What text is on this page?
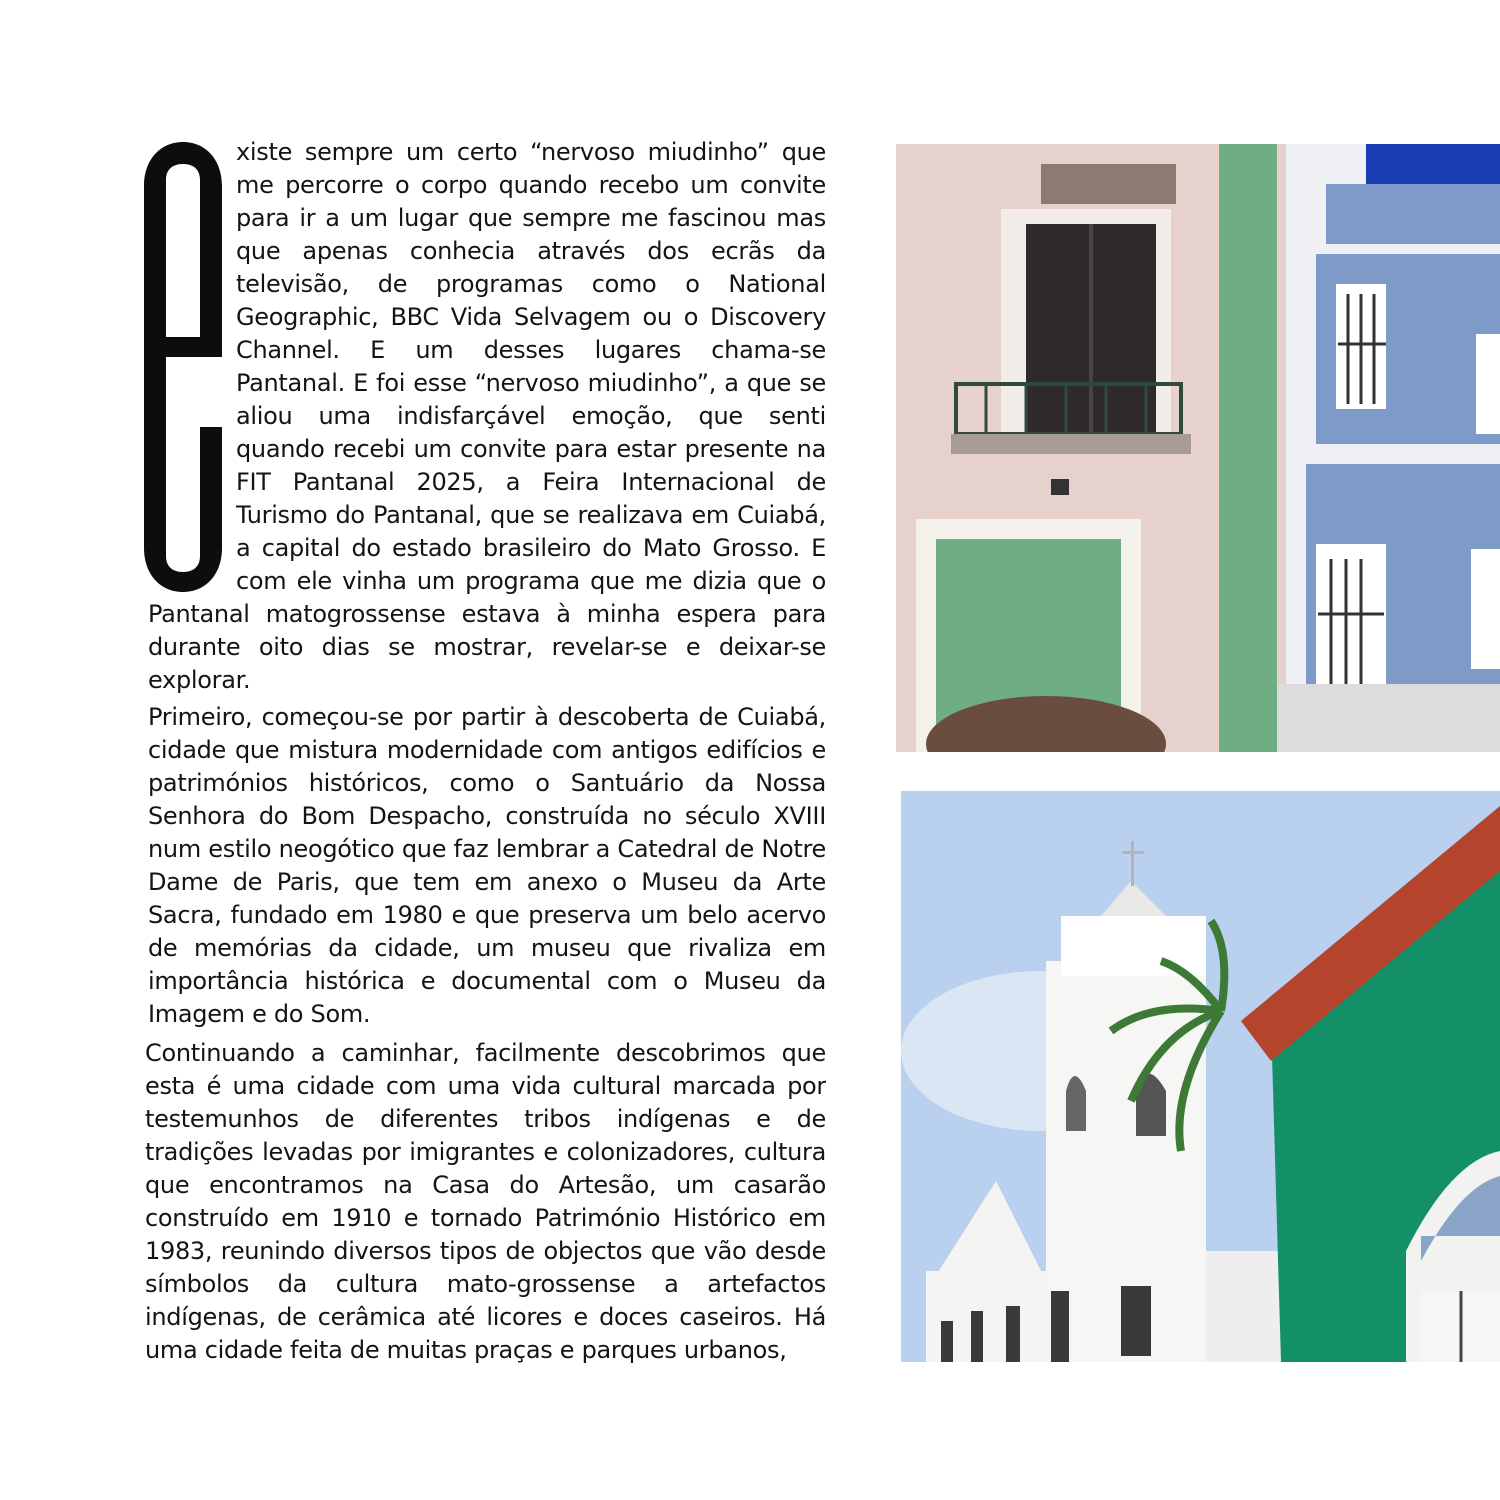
xiste sempre um certo “nervoso miudinho” que me percorre o corpo quando recebo um convite para ir a um lugar que sempre me fascinou mas que apenas conhecia através dos ecrãs da televisão, de programas como o National Geographic, BBC Vida Selvagem ou o Discovery Channel. E um desses lugares chama-se Pantanal. E foi esse “nervoso miudinho”, a que se aliou uma indisfarçável emoção, que senti quando recebi um convite para estar presente na FIT Pantanal 2025, a Feira Internacional de Turismo do Pantanal, que se realizava em Cuiabá, a capital do estado brasileiro do Mato Grosso. E com ele vinha um programa que me dizia que o Pantanal matogrossense estava à minha espera para durante oito dias se mostrar, revelar-se e deixar-se explorar.

Primeiro, começou-se por partir à descoberta de Cuiabá, cidade que mistura modernidade com antigos edifícios e patrimónios históricos, como o Santuário da Nossa Senhora do Bom Despacho, construída no século XVIII num estilo neogótico que faz lembrar a Catedral de Notre Dame de Paris, que tem em anexo o Museu da Arte Sacra, fundado em 1980 e que preserva um belo acervo de memórias da cidade, um museu que rivaliza em importância histórica e documental com o Museu da Imagem e do Som.

Continuando a caminhar, facilmente descobrimos que esta é uma cidade com uma vida cultural marcada por testemunhos de diferentes tribos indígenas e de tradições levadas por imigrantes e colonizadores, cultura que encontramos na Casa do Artesão, um casarão construído em 1910 e tornado Património Histórico em 1983, reunindo diversos tipos de objectos que vão desde símbolos da cultura mato-grossense a artefactos indígenas, de cerâmica até licores e doces caseiros. Há uma cidade feita de muitas praças e parques urbanos,
